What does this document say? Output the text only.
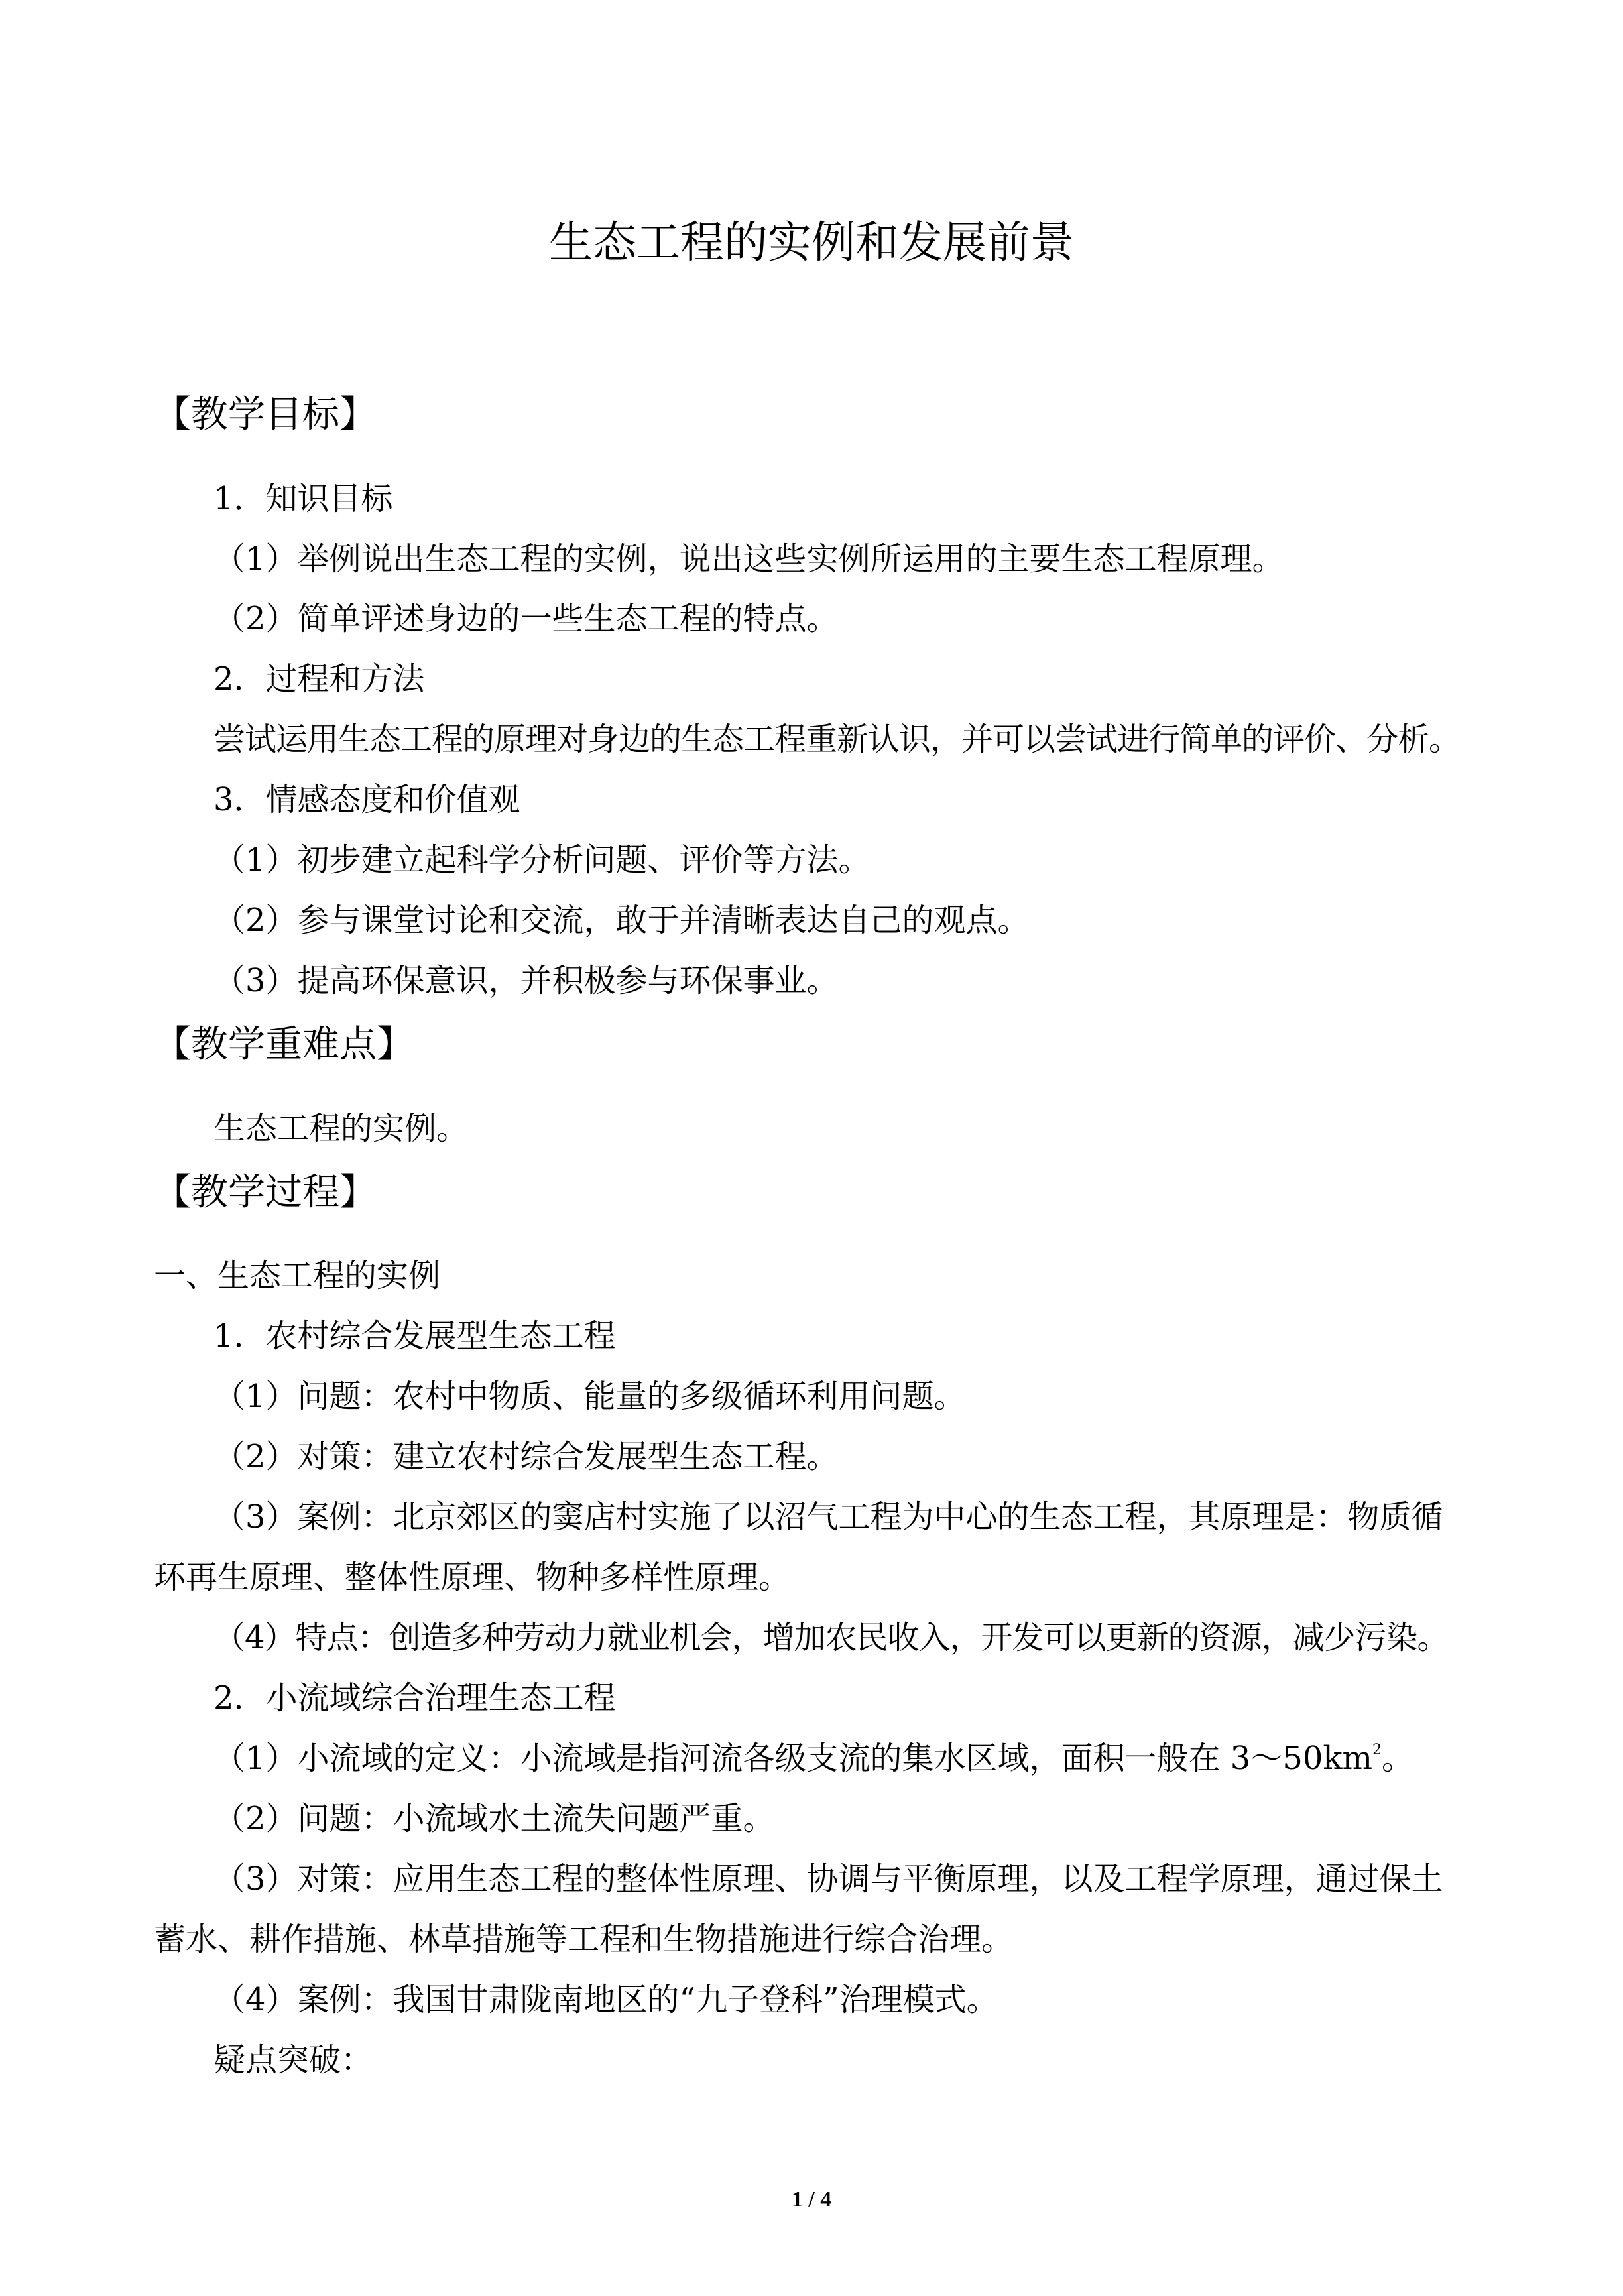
生态工程的实例和发展前景
【教学目标】
1．知识目标
（1）举例说出生态工程的实例，说出这些实例所运用的主要生态工程原理。
（2）简单评述身边的一些生态工程的特点。
2．过程和方法
尝试运用生态工程的原理对身边的生态工程重新认识，并可以尝试进行简单的评价、分析。
3．情感态度和价值观
（1）初步建立起科学分析问题、评价等方法。
（2）参与课堂讨论和交流，敢于并清晰表达自己的观点。
（3）提高环保意识，并积极参与环保事业。
【教学重难点】
生态工程的实例。
【教学过程】
一、生态工程的实例
1．农村综合发展型生态工程
（1）问题：农村中物质、能量的多级循环利用问题。
（2）对策：建立农村综合发展型生态工程。
（3）案例：北京郊区的窦店村实施了以沼气工程为中心的生态工程，其原理是：物质循
环再生原理、整体性原理、物种多样性原理。
（4）特点：创造多种劳动力就业机会，增加农民收入，开发可以更新的资源，减少污染。
2．小流域综合治理生态工程
（1）小流域的定义：小流域是指河流各级支流的集水区域，面积一般在 $3\sim 50km^2$。
（2）问题：小流域水土流失问题严重。
（3）对策：应用生态工程的整体性原理、协调与平衡原理，以及工程学原理，通过保土
蓄水、耕作措施、林草措施等工程和生物措施进行综合治理。
（4）案例：我国甘肃陇南地区的“九子登科”治理模式。
疑点突破：
1 / 4
